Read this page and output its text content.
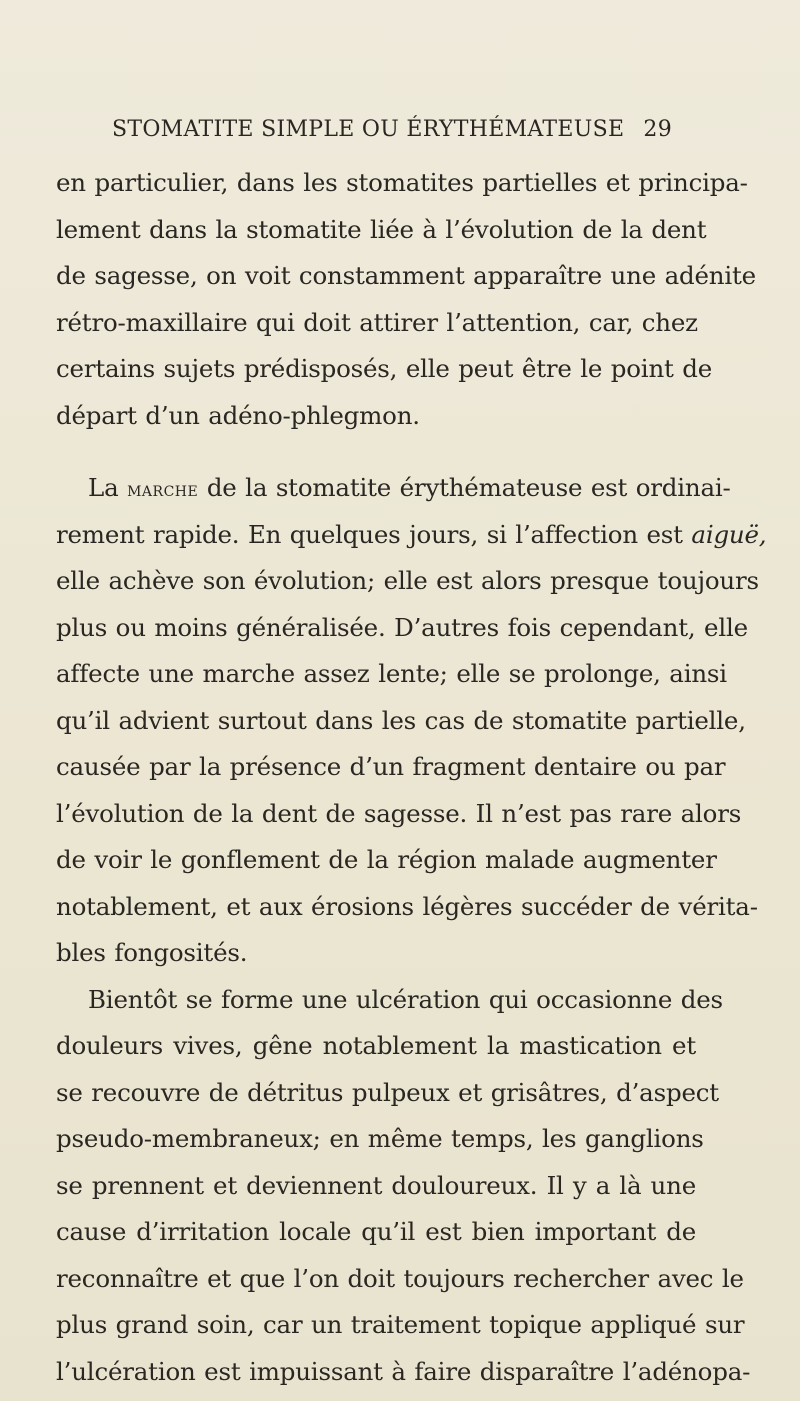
STOMATITE SIMPLE OU ÉRYTHÉMATEUSE 29
en particulier, dans les stomatites partielles et principa-
lement dans la stomatite liée à l’évolution de la dent
de sagesse, on voit constamment apparaître une adénite
rétro-maxillaire qui doit attirer l’attention, car, chez
certains sujets prédisposés, elle peut être le point de
départ d’un adéno-phlegmon.
La marche de la stomatite érythémateuse est ordinai-
rement rapide. En quelques jours, si l’affection est aiguë,
elle achève son évolution; elle est alors presque toujours
plus ou moins généralisée. D’autres fois cependant, elle
affecte une marche assez lente; elle se prolonge, ainsi
qu’il advient surtout dans les cas de stomatite partielle,
causée par la présence d’un fragment dentaire ou par
l’évolution de la dent de sagesse. Il n’est pas rare alors
de voir le gonflement de la région malade augmenter
notablement, et aux érosions légères succéder de vérita-
bles fongosités.
Bientôt se forme une ulcération qui occasionne des
douleurs vives, gêne notablement la mastication et
se recouvre de détritus pulpeux et grisâtres, d’aspect
pseudo-membraneux; en même temps, les ganglions
se prennent et deviennent douloureux. Il y a là une
cause d’irritation locale qu’il est bien important de
reconnaître et que l’on doit toujours rechercher avec le
plus grand soin, car un traitement topique appliqué sur
l’ulcération est impuissant à faire disparaître l’adénopa-
